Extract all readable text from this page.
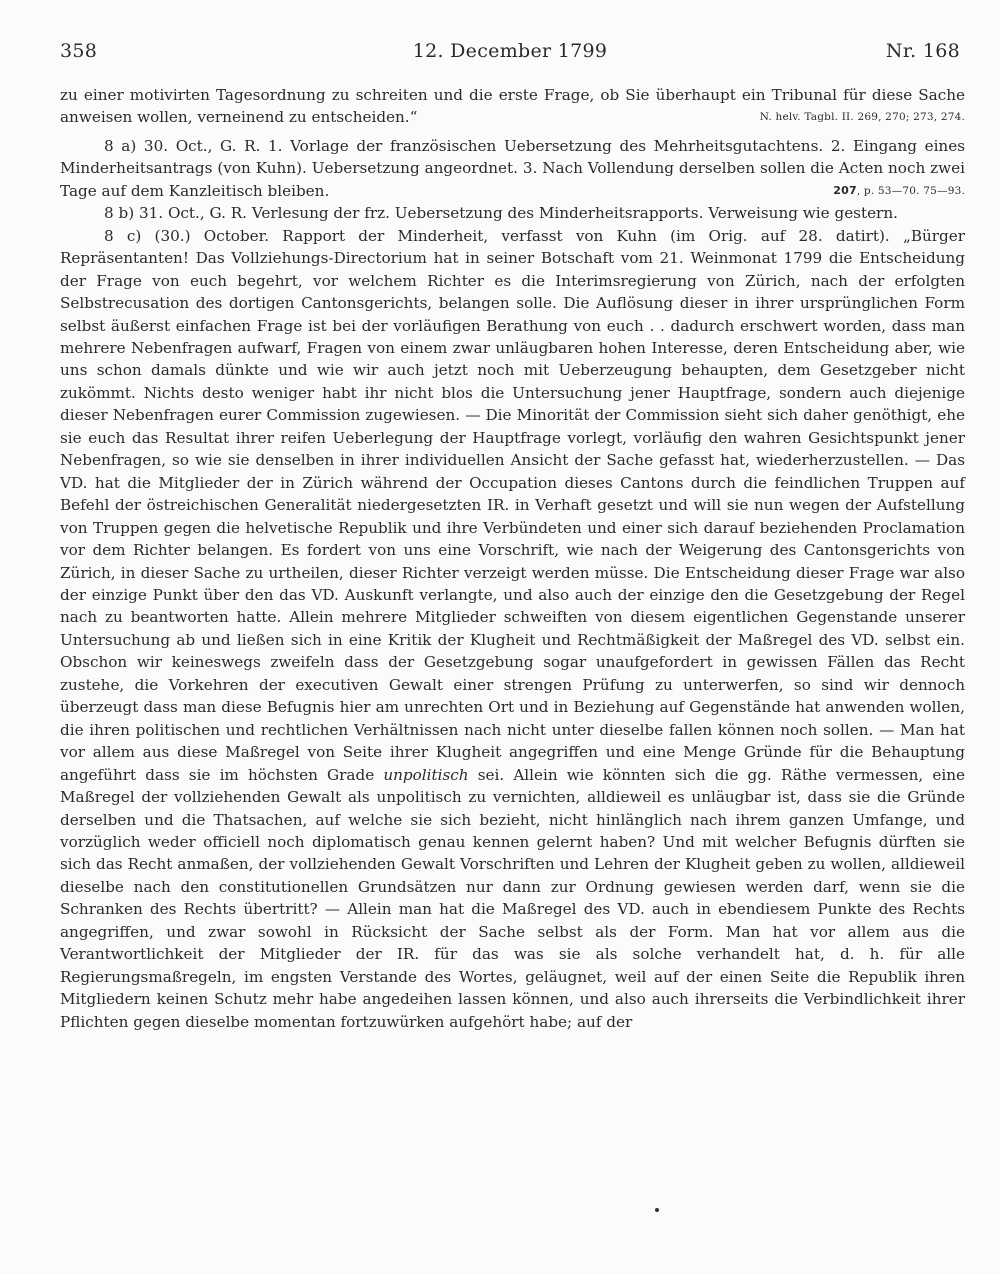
358	12. December 1799	Nr. 168

zu einer motivirten Tagesordnung zu schreiten und die erste Frage, ob Sie überhaupt ein Tribunal für diese Sache anweisen wollen, verneinend zu entscheiden.“	N. helv. Tagbl. II. 269, 270; 273, 274.

8 a) 30. Oct., G. R. 1. Vorlage der französischen Uebersetzung des Mehrheitsgutachtens. 2. Eingang eines Minderheitsantrags (von Kuhn). Uebersetzung angeordnet. 3. Nach Vollendung derselben sollen die Acten noch zwei Tage auf dem Kanzleitisch bleiben.	207, p. 53—70. 75—93.

8 b) 31. Oct., G. R. Verlesung der frz. Uebersetzung des Minderheitsrapports. Verweisung wie gestern.

8 c) (30.) October. Rapport der Minderheit, verfasst von Kuhn (im Orig. auf 28. datirt). „Bürger Repräsentanten! Das Vollziehungs-Directorium hat in seiner Botschaft vom 21. Weinmonat 1799 die Entscheidung der Frage von euch begehrt, vor welchem Richter es die Interimsregierung von Zürich, nach der erfolgten Selbstrecusation des dortigen Cantonsgerichts, belangen solle. Die Auflösung dieser in ihrer ursprünglichen Form selbst äußerst einfachen Frage ist bei der vorläufigen Berathung von euch . . dadurch erschwert worden, dass man mehrere Nebenfragen aufwarf, Fragen von einem zwar unläugbaren hohen Interesse, deren Entscheidung aber, wie uns schon damals dünkte und wie wir auch jetzt noch mit Ueberzeugung behaupten, dem Gesetzgeber nicht zukömmt. Nichts desto weniger habt ihr nicht blos die Untersuchung jener Hauptfrage, sondern auch diejenige dieser Nebenfragen eurer Commission zugewiesen. — Die Minorität der Commission sieht sich daher genöthigt, ehe sie euch das Resultat ihrer reifen Ueberlegung der Hauptfrage vorlegt, vorläufig den wahren Gesichtspunkt jener Nebenfragen, so wie sie denselben in ihrer individuellen Ansicht der Sache gefasst hat, wiederherzustellen. — Das VD. hat die Mitglieder der in Zürich während der Occupation dieses Cantons durch die feindlichen Truppen auf Befehl der östreichischen Generalität niedergesetzten IR. in Verhaft gesetzt und will sie nun wegen der Aufstellung von Truppen gegen die helvetische Republik und ihre Verbündeten und einer sich darauf beziehenden Proclamation vor dem Richter belangen. Es fordert von uns eine Vorschrift, wie nach der Weigerung des Cantonsgerichts von Zürich, in dieser Sache zu urtheilen, dieser Richter verzeigt werden müsse. Die Entscheidung dieser Frage war also der einzige Punkt über den das VD. Auskunft verlangte, und also auch der einzige den die Gesetzgebung der Regel nach zu beantworten hatte. Allein mehrere Mitglieder schweiften von diesem eigentlichen Gegenstande unserer Untersuchung ab und ließen sich in eine Kritik der Klugheit und Rechtmäßigkeit der Maßregel des VD. selbst ein. Obschon wir keineswegs zweifeln dass der Gesetzgebung sogar unaufgefordert in gewissen Fällen das Recht zustehe, die Vorkehren der executiven Gewalt einer strengen Prüfung zu unterwerfen, so sind wir dennoch überzeugt dass man diese Befugnis hier am unrechten Ort und in Beziehung auf Gegenstände hat anwenden wollen, die ihren politischen und rechtlichen Verhältnissen nach nicht unter dieselbe fallen können noch sollen. — Man hat vor allem aus diese Maßregel von Seite ihrer Klugheit angegriffen und eine Menge Gründe für die Behauptung angeführt dass sie im höchsten Grade unpolitisch sei. Allein wie könnten sich die gg. Räthe vermessen, eine Maßregel der vollziehenden Gewalt als unpolitisch zu vernichten, alldieweil es unläugbar ist, dass sie die Gründe derselben und die Thatsachen, auf welche sie sich bezieht, nicht hinlänglich nach ihrem ganzen Umfange, und vorzüglich weder officiell noch diplomatisch genau kennen gelernt haben? Und mit welcher Befugnis dürften sie sich das Recht anmaßen, der vollziehenden Gewalt Vorschriften und Lehren der Klugheit geben zu wollen, alldieweil dieselbe nach den constitutionellen Grundsätzen nur dann zur Ordnung gewiesen werden darf, wenn sie die Schranken des Rechts übertritt? — Allein man hat die Maßregel des VD. auch in ebendiesem Punkte des Rechts angegriffen, und zwar sowohl in Rücksicht der Sache selbst als der Form. Man hat vor allem aus die Verantwortlichkeit der Mitglieder der IR. für das was sie als solche verhandelt hat, d. h. für alle Regierungsmaßregeln, im engsten Verstande des Wortes, geläugnet, weil auf der einen Seite die Republik ihren Mitgliedern keinen Schutz mehr habe angedeihen lassen können, und also auch ihrerseits die Verbindlichkeit ihrer Pflichten gegen dieselbe momentan fortzuwürken aufgehört habe; auf der
